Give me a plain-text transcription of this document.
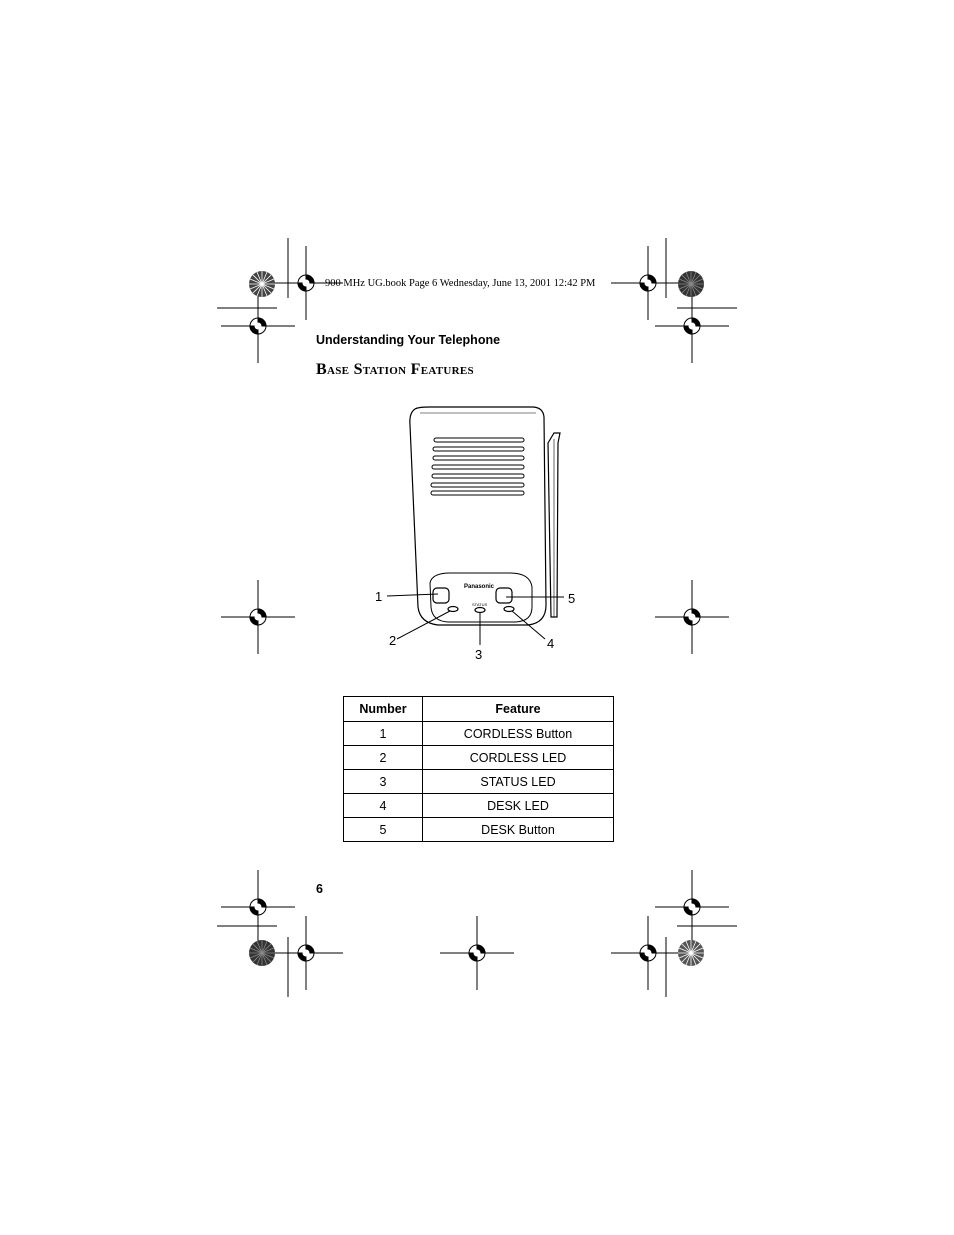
900 MHz UG.book Page 6 Wednesday, June 13, 2001 12:42 PM
Understanding Your Telephone
Base Station Features
Panasonic
STATUS
1
2
3
4
5
Number	Feature
1	CORDLESS Button
2	CORDLESS LED
3	STATUS LED
4	DESK LED
5	DESK Button
6
